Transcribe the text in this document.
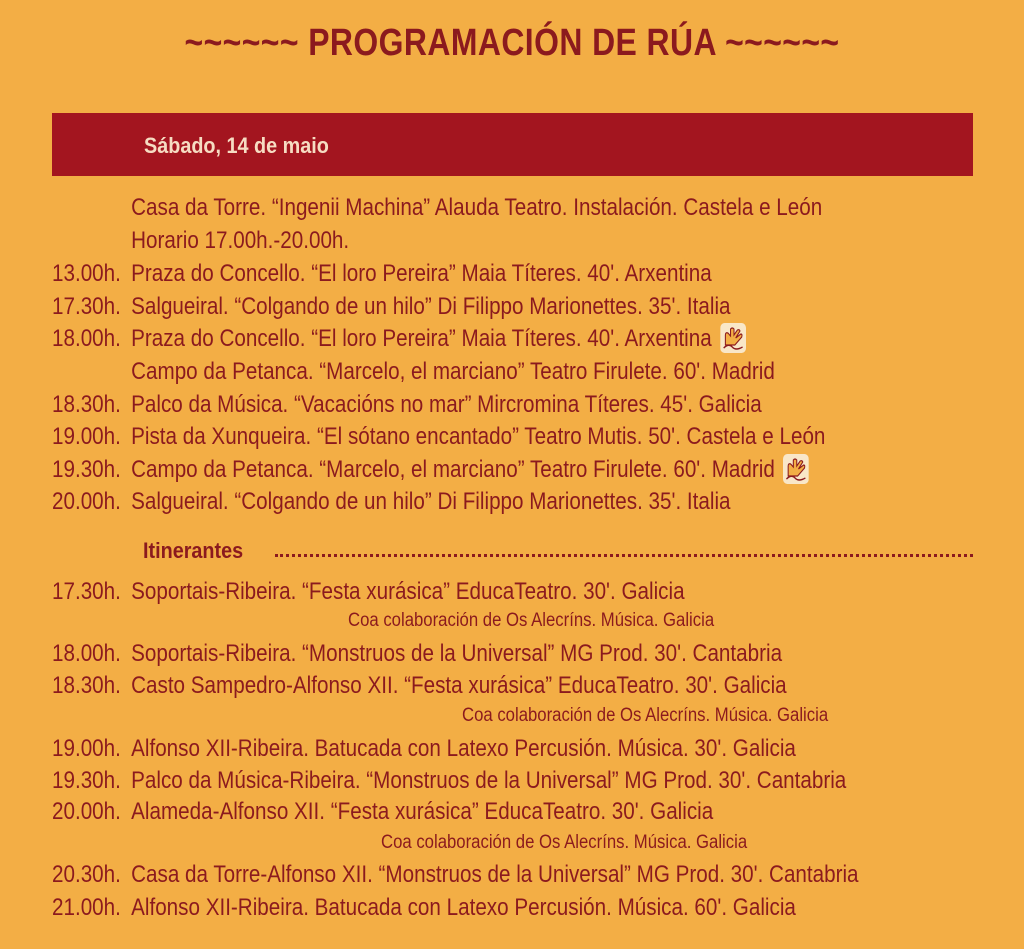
~~~~~~ PROGRAMACIÓN DE RÚA ~~~~~~
Sábado, 14 de maio
Casa da Torre. “Ingenii Machina” Alauda Teatro. Instalación. Castela e León
Horario 17.00h.-20.00h.
13.00h. Praza do Concello. “El loro Pereira” Maia Títeres. 40'. Arxentina
17.30h. Salgueiral. “Colgando de un hilo” Di Filippo Marionettes. 35'. Italia
18.00h. Praza do Concello. “El loro Pereira” Maia Títeres. 40'. Arxentina
Campo da Petanca. “Marcelo, el marciano” Teatro Firulete. 60'. Madrid
18.30h. Palco da Música. “Vacacións no mar” Mircromina Títeres. 45'. Galicia
19.00h. Pista da Xunqueira. “El sótano encantado” Teatro Mutis. 50'. Castela e León
19.30h. Campo da Petanca. “Marcelo, el marciano” Teatro Firulete. 60'. Madrid
20.00h. Salgueiral. “Colgando de un hilo” Di Filippo Marionettes. 35'. Italia
Itinerantes
17.30h. Soportais-Ribeira. “Festa xurásica” EducaTeatro. 30'. Galicia
Coa colaboración de Os Alecríns. Música. Galicia
18.00h. Soportais-Ribeira. “Monstruos de la Universal” MG Prod. 30'. Cantabria
18.30h. Casto Sampedro-Alfonso XII. “Festa xurásica” EducaTeatro. 30'. Galicia
Coa colaboración de Os Alecríns. Música. Galicia
19.00h. Alfonso XII-Ribeira. Batucada con Latexo Percusión. Música. 30'. Galicia
19.30h. Palco da Música-Ribeira. “Monstruos de la Universal” MG Prod. 30'. Cantabria
20.00h. Alameda-Alfonso XII. “Festa xurásica” EducaTeatro. 30'. Galicia
Coa colaboración de Os Alecríns. Música. Galicia
20.30h. Casa da Torre-Alfonso XII. “Monstruos de la Universal” MG Prod. 30'. Cantabria
21.00h. Alfonso XII-Ribeira. Batucada con Latexo Percusión. Música. 60'. Galicia
